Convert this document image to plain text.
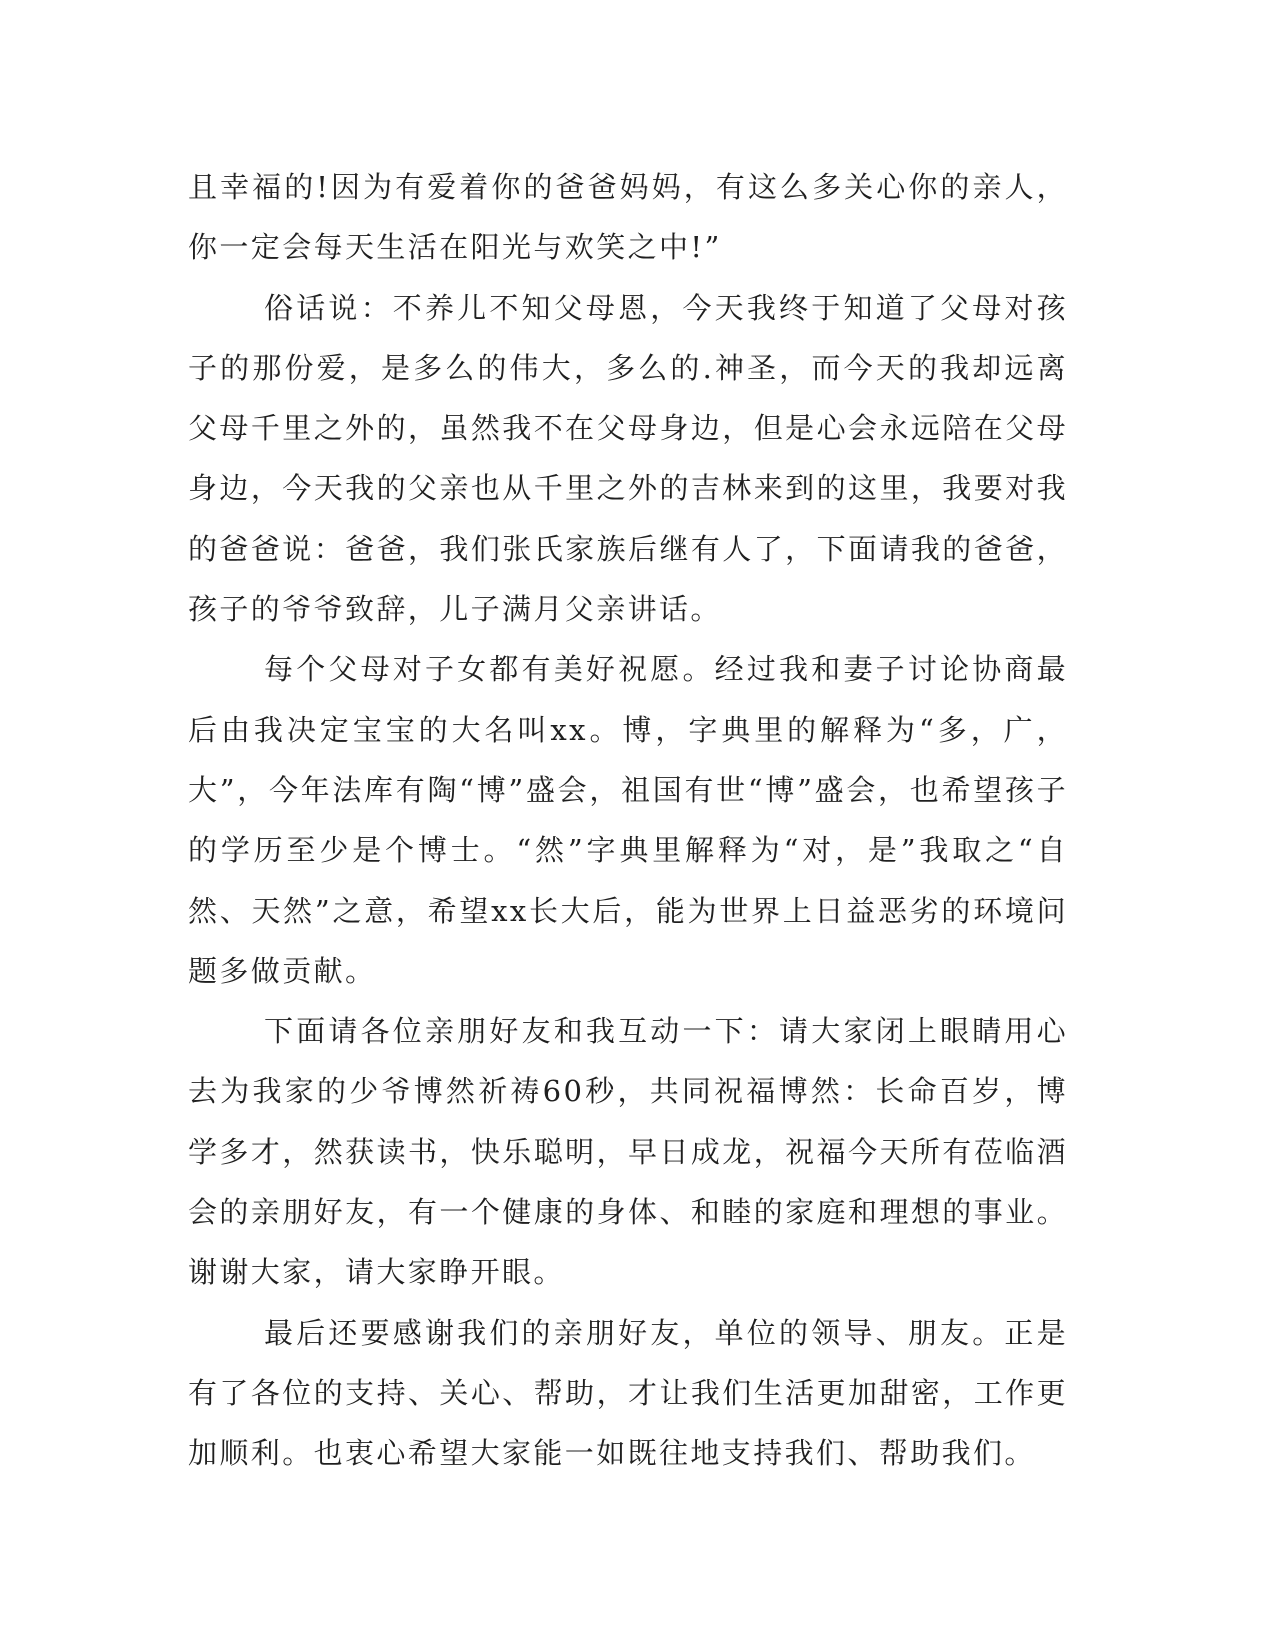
且幸福的!因为有爱着你的爸爸妈妈，有这么多关心你的亲人，你一定会每天生活在阳光与欢笑之中!”

俗话说：不养儿不知父母恩，今天我终于知道了父母对孩子的那份爱，是多么的伟大，多么的.神圣，而今天的我却远离父母千里之外的，虽然我不在父母身边，但是心会永远陪在父母身边，今天我的父亲也从千里之外的吉林来到的这里，我要对我的爸爸说：爸爸，我们张氏家族后继有人了，下面请我的爸爸，孩子的爷爷致辞，儿子满月父亲讲话。

每个父母对子女都有美好祝愿。经过我和妻子讨论协商最后由我决定宝宝的大名叫xx。博，字典里的解释为“多，广，大”，今年法库有陶“博”盛会，祖国有世“博”盛会，也希望孩子的学历至少是个博士。“然”字典里解释为“对，是”我取之“自然、天然”之意，希望xx长大后，能为世界上日益恶劣的环境问题多做贡献。

下面请各位亲朋好友和我互动一下：请大家闭上眼睛用心去为我家的少爷博然祈祷60秒，共同祝福博然：长命百岁，博学多才，然获读书，快乐聪明，早日成龙，祝福今天所有莅临酒会的亲朋好友，有一个健康的身体、和睦的家庭和理想的事业。谢谢大家，请大家睁开眼。

最后还要感谢我们的亲朋好友，单位的领导、朋友。正是有了各位的支持、关心、帮助，才让我们生活更加甜密，工作更加顺利。也衷心希望大家能一如既往地支持我们、帮助我们。
